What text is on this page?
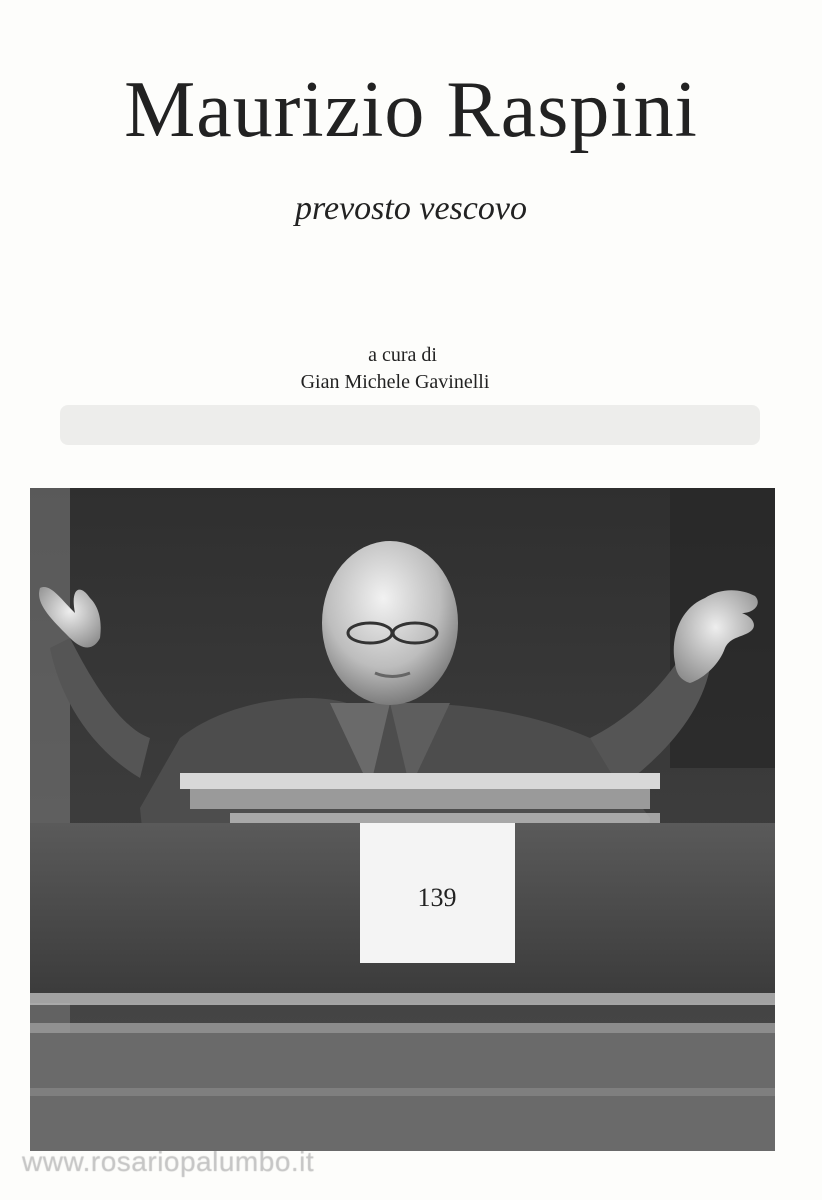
Maurizio Raspini
prevosto vescovo
a cura di
Gian Michele Gavinelli
139
www.rosariopalumbo.it
